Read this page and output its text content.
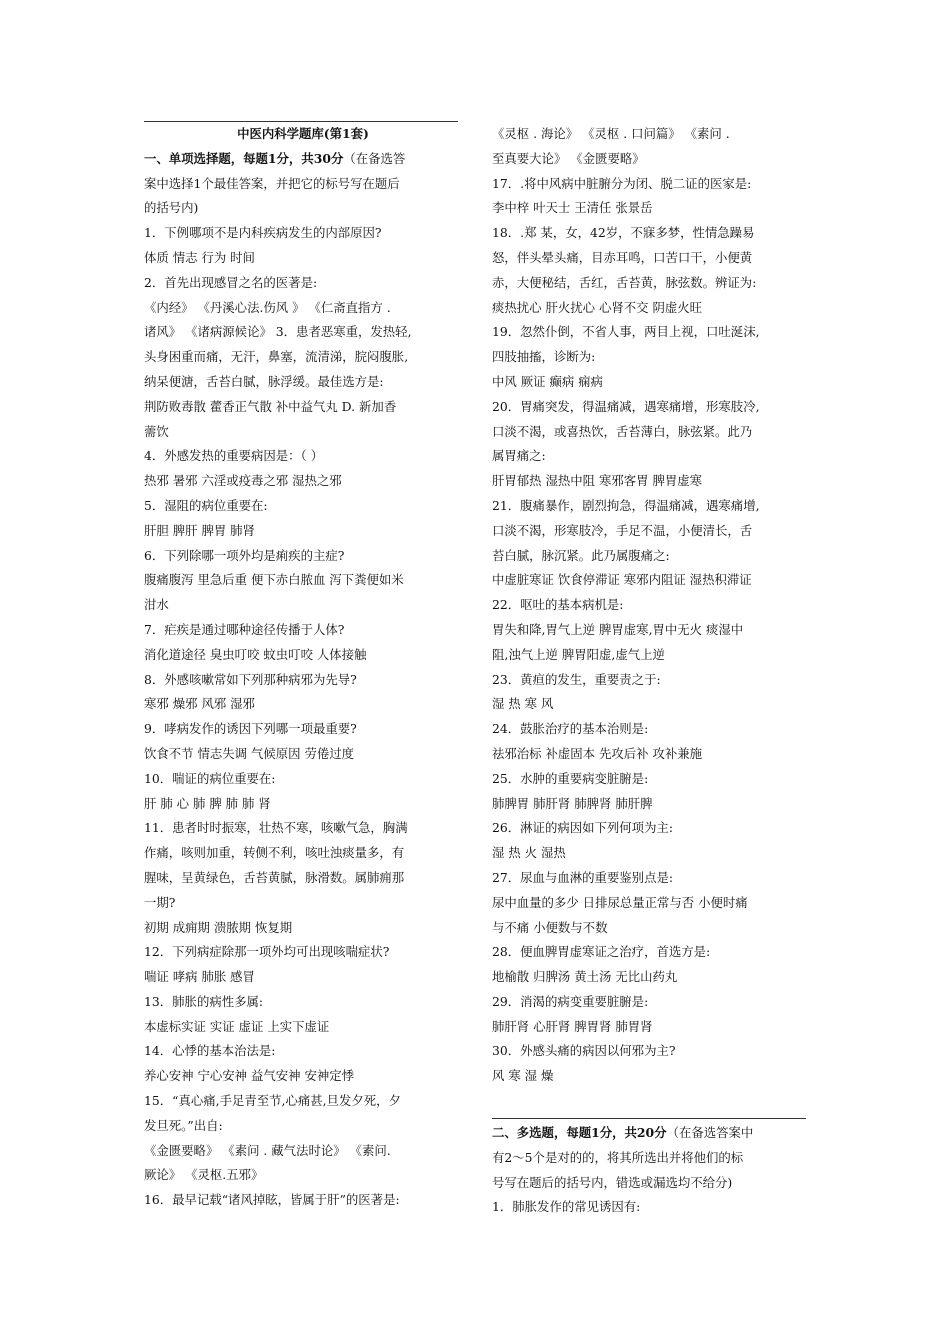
中医内科学题库(第1套)
一、单项选择题，每题1分，共30分（在备选答
案中选择1个最佳答案，并把它的标号写在题后
的括号内)
1．下例哪项不是内科疾病发生的内部原因?
体质 情志 行为 时间
2．首先出现感冒之名的医著是:
《内经》 《丹溪心法.伤风 》 《仁斋直指方 .
诸风》 《诸病源候论》 3．患者恶寒重，发热轻,
头身困重而痛，无汗，鼻塞，流清涕，脘闷腹胀,
纳呆便溏，舌苔白腻，脉浮缓。最佳选方是:
荆防败毒散 藿香正气散 补中益气丸 D. 新加香
薷饮
4．外感发热的重要病因是：（ ）
热邪 暑邪 六淫或疫毒之邪 湿热之邪
5．湿阻的病位重要在:
肝胆 脾肝 脾胃 肺肾
6．下列除哪一项外均是痢疾的主症?
腹痛腹泻 里急后重 便下赤白脓血 泻下粪便如米
泔水
7．疟疾是通过哪种途径传播于人体?
消化道途径 臭虫叮咬 蚊虫叮咬 人体接触
8．外感咳嗽常如下列那种病邪为先导?
寒邪 燥邪 风邪 湿邪
9．哮病发作的诱因下列哪一项最重要?
饮食不节 情志失调 气候原因 劳倦过度
10．喘证的病位重要在:
肝 肺 心 肺 脾 肺 肺 肾
11．患者时时振寒，壮热不寒，咳嗽气急，胸满
作痛，咳则加重，转侧不利，咳吐浊痰量多，有
腥味，呈黄绿色，舌苔黄腻，脉滑数。属肺痈那
一期?
初期 成痈期 溃脓期 恢复期
12．下列病症除那一项外均可出现咳喘症状?
喘证 哮病 肺胀 感冒
13．肺胀的病性多属:
本虚标实证 实证 虚证 上实下虚证
14．心悸的基本治法是:
养心安神 宁心安神 益气安神 安神定悸
15．“真心痛,手足青至节,心痛甚,旦发夕死，夕
发旦死。”出自:
《金匮要略》 《素问 . 藏气法时论》 《素问.
厥论》 《灵枢.五邪》
16．最早记载“诸风掉眩，皆属于肝”的医著是:
《灵枢 . 海论》 《灵枢 . 口问篇》 《素问 .
至真要大论》 《金匮要略》
17．.将中风病中脏腑分为闭、脱二证的医家是:
李中梓 叶天士 王清任 张景岳
18．.郑 某，女，42岁，不寐多梦，性情急躁易
怒，伴头晕头痛，目赤耳鸣，口苦口干，小便黄
赤，大便秘结，舌红，舌苔黄，脉弦数。辨证为:
痰热扰心 肝火扰心 心肾不交 阴虚火旺
19．忽然仆倒，不省人事，两目上视，口吐涎沫,
四肢抽搐，诊断为:
中风 厥证 癫病 痫病
20．胃痛突发，得温痛减，遇寒痛增，形寒肢冷,
口淡不渴，或喜热饮，舌苔薄白，脉弦紧。此乃
属胃痛之:
肝胃郁热 湿热中阻 寒邪客胃 脾胃虚寒
21．腹痛暴作，剧烈拘急，得温痛减，遇寒痛增,
口淡不渴，形寒肢冷，手足不温，小便清长，舌
苔白腻，脉沉紧。此乃属腹痛之:
中虚脏寒证 饮食停滞证 寒邪内阻证 湿热积滞证
22．呕吐的基本病机是:
胃失和降,胃气上逆 脾胃虚寒,胃中无火 痰湿中
阻,浊气上逆 脾胃阳虚,虚气上逆
23．黄疸的发生，重要责之于:
湿 热 寒 风
24．鼓胀治疗的基本治则是:
祛邪治标 补虚固本 先攻后补 攻补兼施
25．水肿的重要病变脏腑是:
肺脾胃 肺肝肾 肺脾肾 肺肝脾
26．淋证的病因如下列何项为主:
湿 热 火 湿热
27．尿血与血淋的重要鉴别点是:
尿中血量的多少 日排尿总量正常与否 小便时痛
与不痛 小便数与不数
28．便血脾胃虚寒证之治疗，首选方是:
地榆散 归脾汤 黄土汤 无比山药丸
29．消渴的病变重要脏腑是:
肺肝肾 心肝肾 脾胃肾 肺胃肾
30．外感头痛的病因以何邪为主?
风 寒 湿 燥
二、多选题，每题1分，共20分（在备选答案中
有2～5个是对的的，将其所选出并将他们的标
号写在题后的括号内，错选或漏选均不给分)
1．肺胀发作的常见诱因有:
